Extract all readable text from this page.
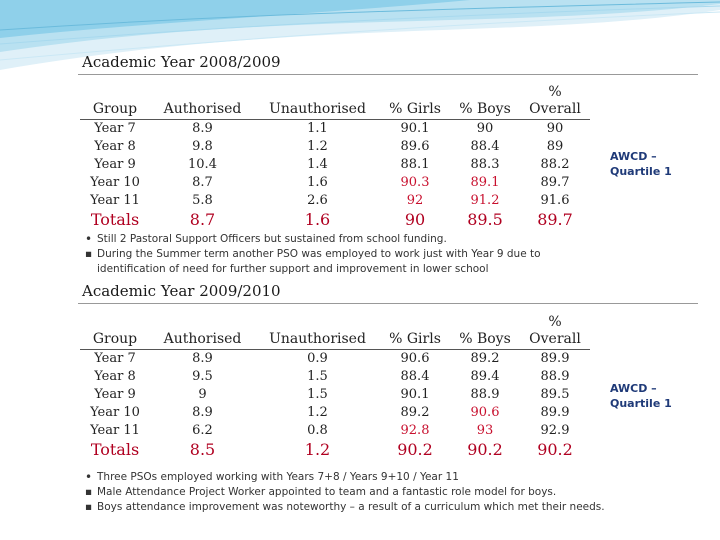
Academic Year 2008/2009
Group	Authorised	Unauthorised	% Girls	% Boys	%
Overall
Year 7	8.9	1.1	90.1	90	90
Year 8	9.8	1.2	89.6	88.4	89
Year 9	10.4	1.4	88.1	88.3	88.2
Year 10	8.7	1.6	90.3	89.1	89.7
Year 11	5.8	2.6	92	91.2	91.6
Totals	8.7	1.6	90	89.5	89.7
AWCD –
Quartile 1
• Still 2 Pastoral Support Officers but sustained from school funding.
▪ During the Summer term another PSO was employed to work just with Year 9 due to identification of need for further support and improvement in lower school
Academic Year 2009/2010
Group	Authorised	Unauthorised	% Girls	% Boys	%
Overall
Year 7	8.9	0.9	90.6	89.2	89.9
Year 8	9.5	1.5	88.4	89.4	88.9
Year 9	9	1.5	90.1	88.9	89.5
Year 10	8.9	1.2	89.2	90.6	89.9
Year 11	6.2	0.8	92.8	93	92.9
Totals	8.5	1.2	90.2	90.2	90.2
AWCD –
Quartile 1
• Three PSOs employed working with Years 7+8 / Years 9+10 / Year 11
▪ Male Attendance Project Worker appointed to team and a fantastic role model for boys.
▪ Boys attendance improvement was noteworthy – a result of a curriculum which met their needs.
